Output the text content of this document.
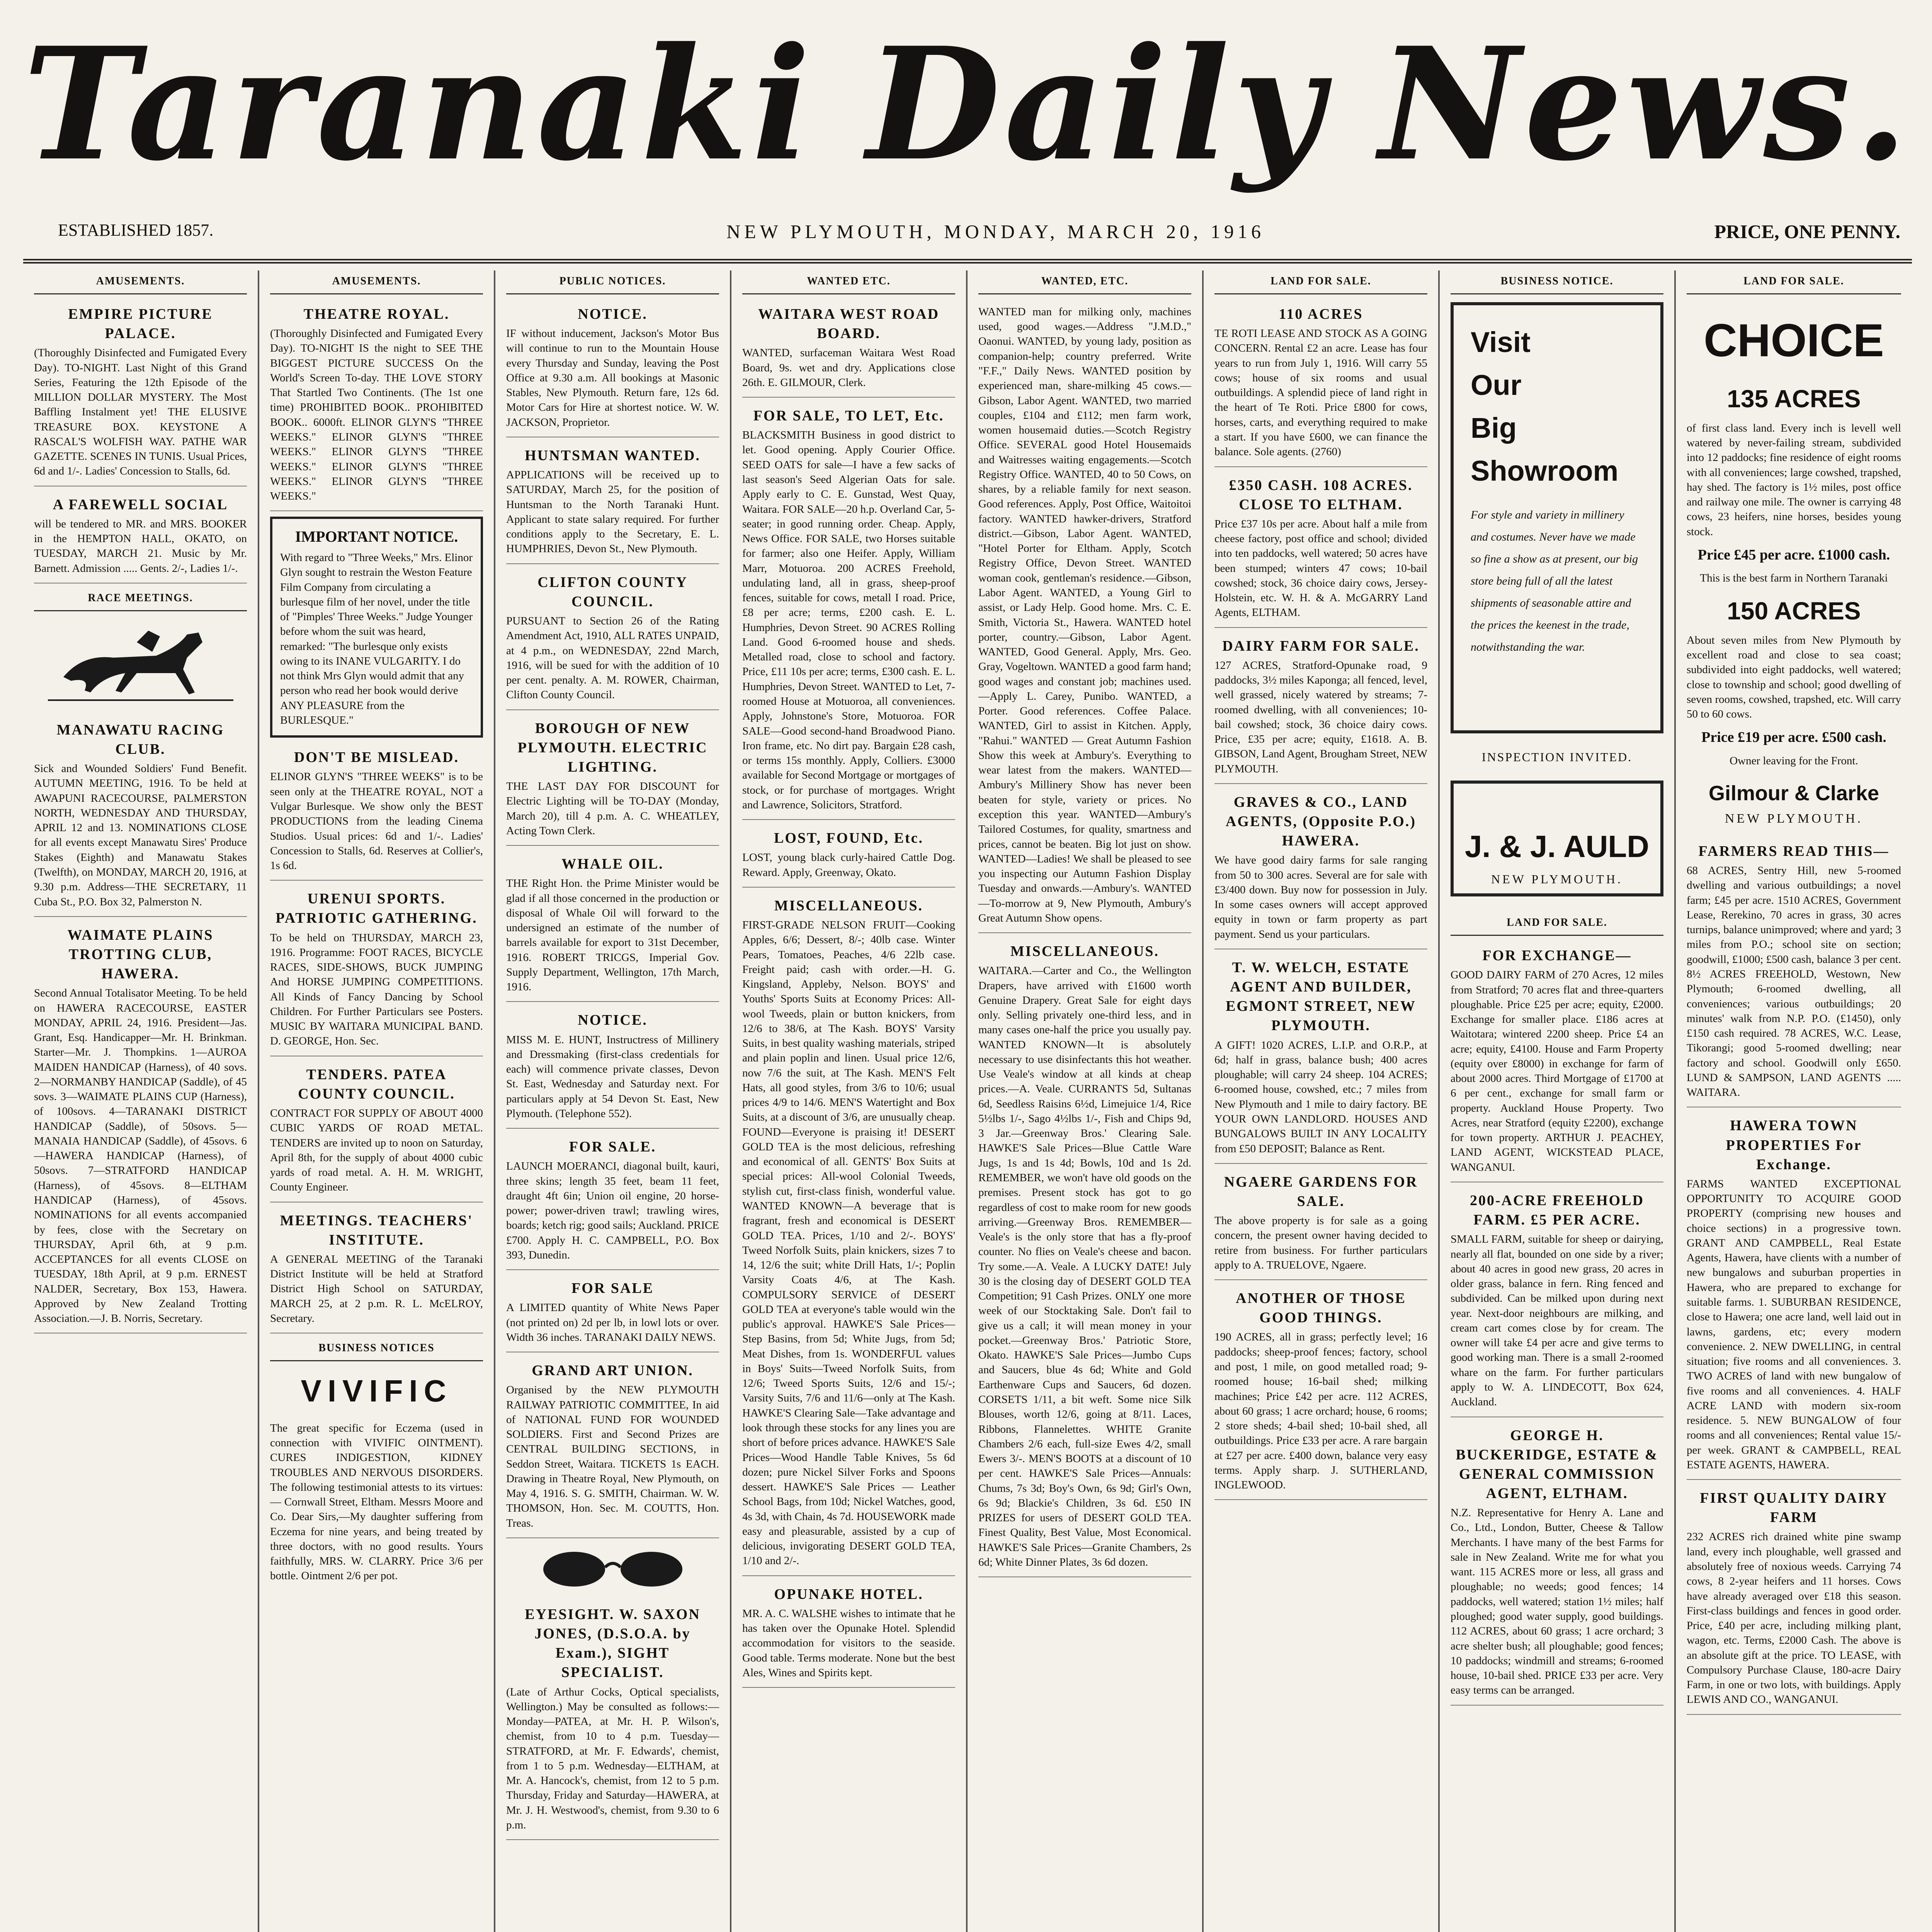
Taranaki Daily News.
ESTABLISHED 1857.	NEW PLYMOUTH, MONDAY, MARCH 20, 1916	PRICE, ONE PENNY.
AMUSEMENTS.
EMPIRE PICTURE PALACE.

(Thoroughly Disinfected and Fumigated Every Day). TO-NIGHT. Last Night of this Grand Series, Featuring the 12th Episode of the MILLION DOLLAR MYSTERY. The Most Baffling Instalment yet! THE ELUSIVE TREASURE BOX. KEYSTONE A RASCAL'S WOLFISH WAY. PATHE WAR GAZETTE. SCENES IN TUNIS. Usual Prices, 6d and 1/-. Ladies' Concession to Stalls, 6d.

A FAREWELL SOCIAL

will be tendered to MR. and MRS. BOOKER in the HEMPTON HALL, OKATO, on TUESDAY, MARCH 21. Music by Mr. Barnett. Admission ..... Gents. 2/-, Ladies 1/-.

RACE MEETINGS.
MANAWATU RACING CLUB.

Sick and Wounded Soldiers' Fund Benefit. AUTUMN MEETING, 1916. To be held at AWAPUNI RACECOURSE, PALMERSTON NORTH, WEDNESDAY AND THURSDAY, APRIL 12 and 13. NOMINATIONS CLOSE for all events except Manawatu Sires' Produce Stakes (Eighth) and Manawatu Stakes (Twelfth), on MONDAY, MARCH 20, 1916, at 9.30 p.m. Address—THE SECRETARY, 11 Cuba St., P.O. Box 32, Palmerston N.

WAIMATE PLAINS TROTTING CLUB, HAWERA.

Second Annual Totalisator Meeting. To be held on HAWERA RACECOURSE, EASTER MONDAY, APRIL 24, 1916. President—Jas. Grant, Esq. Handicapper—Mr. H. Brinkman. Starter—Mr. J. Thompkins. 1—AUROA MAIDEN HANDICAP (Harness), of 40 sovs. 2—NORMANBY HANDICAP (Saddle), of 45 sovs. 3—WAIMATE PLAINS CUP (Harness), of 100sovs. 4—TARANAKI DISTRICT HANDICAP (Saddle), of 50sovs. 5—MANAIA HANDICAP (Saddle), of 45sovs. 6—HAWERA HANDICAP (Harness), of 50sovs. 7—STRATFORD HANDICAP (Harness), of 45sovs. 8—ELTHAM HANDICAP (Harness), of 45sovs. NOMINATIONS for all events accompanied by fees, close with the Secretary on THURSDAY, April 6th, at 9 p.m. ACCEPTANCES for all events CLOSE on TUESDAY, 18th April, at 9 p.m. ERNEST NALDER, Secretary, Box 153, Hawera. Approved by New Zealand Trotting Association.—J. B. Norris, Secretary.

AMUSEMENTS.
THEATRE ROYAL.

(Thoroughly Disinfected and Fumigated Every Day). TO-NIGHT IS the night to SEE THE BIGGEST PICTURE SUCCESS On the World's Screen To-day. THE LOVE STORY That Startled Two Continents. (The 1st one time) PROHIBITED BOOK.. PROHIBITED BOOK.. 6000ft. ELINOR GLYN'S "THREE WEEKS." ELINOR GLYN'S "THREE WEEKS." ELINOR GLYN'S "THREE WEEKS." ELINOR GLYN'S "THREE WEEKS." ELINOR GLYN'S "THREE WEEKS."

IMPORTANT NOTICE.

With regard to "Three Weeks," Mrs. Elinor Glyn sought to restrain the Weston Feature Film Company from circulating a burlesque film of her novel, under the title of "Pimples' Three Weeks." Judge Younger before whom the suit was heard, remarked: "The burlesque only exists owing to its INANE VULGARITY. I do not think Mrs Glyn would admit that any person who read her book would derive ANY PLEASURE from the BURLESQUE."

DON'T BE MISLEAD.

ELINOR GLYN'S "THREE WEEKS" is to be seen only at the THEATRE ROYAL, NOT a Vulgar Burlesque. We show only the BEST PRODUCTIONS from the leading Cinema Studios. Usual prices: 6d and 1/-. Ladies' Concession to Stalls, 6d. Reserves at Collier's, 1s 6d.

URENUI SPORTS. PATRIOTIC GATHERING.

To be held on THURSDAY, MARCH 23, 1916. Programme: FOOT RACES, BICYCLE RACES, SIDE-SHOWS, BUCK JUMPING And HORSE JUMPING COMPETITIONS. All Kinds of Fancy Dancing by School Children. For Further Particulars see Posters. MUSIC BY WAITARA MUNICIPAL BAND. D. GEORGE, Hon. Sec.

TENDERS. PATEA COUNTY COUNCIL.

CONTRACT FOR SUPPLY OF ABOUT 4000 CUBIC YARDS OF ROAD METAL. TENDERS are invited up to noon on Saturday, April 8th, for the supply of about 4000 cubic yards of road metal. A. H. M. WRIGHT, County Engineer.

MEETINGS. TEACHERS' INSTITUTE.

A GENERAL MEETING of the Taranaki District Institute will be held at Stratford District High School on SATURDAY, MARCH 25, at 2 p.m. R. L. McELROY, Secretary.

BUSINESS NOTICES
VIVIFIC

The great specific for Eczema (used in connection with VIVIFIC OINTMENT). CURES INDIGESTION, KIDNEY TROUBLES AND NERVOUS DISORDERS. The following testimonial attests to its virtues:— Cornwall Street, Eltham. Messrs Moore and Co. Dear Sirs,—My daughter suffering from Eczema for nine years, and being treated by three doctors, with no good results. Yours faithfully, MRS. W. CLARRY. Price 3/6 per bottle. Ointment 2/6 per pot.

PUBLIC NOTICES.
NOTICE.

IF without inducement, Jackson's Motor Bus will continue to run to the Mountain House every Thursday and Sunday, leaving the Post Office at 9.30 a.m. All bookings at Masonic Stables, New Plymouth. Return fare, 12s 6d. Motor Cars for Hire at shortest notice. W. W. JACKSON, Proprietor.

HUNTSMAN WANTED.

APPLICATIONS will be received up to SATURDAY, March 25, for the position of Huntsman to the North Taranaki Hunt. Applicant to state salary required. For further conditions apply to the Secretary, E. L. HUMPHRIES, Devon St., New Plymouth.

CLIFTON COUNTY COUNCIL.

PURSUANT to Section 26 of the Rating Amendment Act, 1910, ALL RATES UNPAID, at 4 p.m., on WEDNESDAY, 22nd March, 1916, will be sued for with the addition of 10 per cent. penalty. A. M. ROWER, Chairman, Clifton County Council.

BOROUGH OF NEW PLYMOUTH. ELECTRIC LIGHTING.

THE LAST DAY FOR DISCOUNT for Electric Lighting will be TO-DAY (Monday, March 20), till 4 p.m. A. C. WHEATLEY, Acting Town Clerk.

WHALE OIL.

THE Right Hon. the Prime Minister would be glad if all those concerned in the production or disposal of Whale Oil will forward to the undersigned an estimate of the number of barrels available for export to 31st December, 1916. ROBERT TRICGS, Imperial Gov. Supply Department, Wellington, 17th March, 1916.

NOTICE.

MISS M. E. HUNT, Instructress of Millinery and Dressmaking (first-class credentials for each) will commence private classes, Devon St. East, Wednesday and Saturday next. For particulars apply at 54 Devon St. East, New Plymouth. (Telephone 552).

FOR SALE.

LAUNCH MOERANCI, diagonal built, kauri, three skins; length 35 feet, beam 11 feet, draught 4ft 6in; Union oil engine, 20 horse-power; power-driven trawl; trawling wires, boards; ketch rig; good sails; Auckland. PRICE £700. Apply H. C. CAMPBELL, P.O. Box 393, Dunedin.

FOR SALE

A LIMITED quantity of White News Paper (not printed on) 2d per lb, in lowl lots or over. Width 36 inches. TARANAKI DAILY NEWS.

GRAND ART UNION.

Organised by the NEW PLYMOUTH RAILWAY PATRIOTIC COMMITTEE, In aid of NATIONAL FUND FOR WOUNDED SOLDIERS. First and Second Prizes are CENTRAL BUILDING SECTIONS, in Seddon Street, Waitara. TICKETS 1s EACH. Drawing in Theatre Royal, New Plymouth, on May 4, 1916. S. G. SMITH, Chairman. W. W. THOMSON, Hon. Sec. M. COUTTS, Hon. Treas.

EYESIGHT. W. SAXON JONES, (D.S.O.A. by Exam.), SIGHT SPECIALIST.

(Late of Arthur Cocks, Optical specialists, Wellington.) May be consulted as follows:—Monday—PATEA, at Mr. H. P. Wilson's, chemist, from 10 to 4 p.m. Tuesday—STRATFORD, at Mr. F. Edwards', chemist, from 1 to 5 p.m. Wednesday—ELTHAM, at Mr. A. Hancock's, chemist, from 12 to 5 p.m. Thursday, Friday and Saturday—HAWERA, at Mr. J. H. Westwood's, chemist, from 9.30 to 6 p.m.

WANTED ETC.
WAITARA WEST ROAD BOARD.

WANTED, surfaceman Waitara West Road Board, 9s. wet and dry. Applications close 26th. E. GILMOUR, Clerk.

FOR SALE, TO LET, Etc.

BLACKSMITH Business in good district to let. Good opening. Apply Courier Office. SEED OATS for sale—I have a few sacks of last season's Seed Algerian Oats for sale. Apply early to C. E. Gunstad, West Quay, Waitara. FOR SALE—20 h.p. Overland Car, 5-seater; in good running order. Cheap. Apply, News Office. FOR SALE, two Horses suitable for farmer; also one Heifer. Apply, William Marr, Motuoroa. 200 ACRES Freehold, undulating land, all in grass, sheep-proof fences, suitable for cows, metall I road. Price, £8 per acre; terms, £200 cash. E. L. Humphries, Devon Street. 90 ACRES Rolling Land. Good 6-roomed house and sheds. Metalled road, close to school and factory. Price, £11 10s per acre; terms, £300 cash. E. L. Humphries, Devon Street. WANTED to Let, 7-roomed House at Motuoroa, all conveniences. Apply, Johnstone's Store, Motuoroa. FOR SALE—Good second-hand Broadwood Piano. Iron frame, etc. No dirt pay. Bargain £28 cash, or terms 15s monthly. Apply, Colliers. £3000 available for Second Mortgage or mortgages of stock, or for purchase of mortgages. Wright and Lawrence, Solicitors, Stratford.

LOST, FOUND, Etc.

LOST, young black curly-haired Cattle Dog. Reward. Apply, Greenway, Okato.

MISCELLANEOUS.

FIRST-GRADE NELSON FRUIT—Cooking Apples, 6/6; Dessert, 8/-; 40lb case. Winter Pears, Tomatoes, Peaches, 4/6 22lb case. Freight paid; cash with order.—H. G. Kingsland, Appleby, Nelson. BOYS' and Youths' Sports Suits at Economy Prices: All-wool Tweeds, plain or button knickers, from 12/6 to 38/6, at The Kash. BOYS' Varsity Suits, in best quality washing materials, striped and plain poplin and linen. Usual price 12/6, now 7/6 the suit, at The Kash. MEN'S Felt Hats, all good styles, from 3/6 to 10/6; usual prices 4/9 to 14/6. MEN'S Watertight and Box Suits, at a discount of 3/6, are unusually cheap. FOUND—Everyone is praising it! DESERT GOLD TEA is the most delicious, refreshing and economical of all. GENTS' Box Suits at special prices: All-wool Colonial Tweeds, stylish cut, first-class finish, wonderful value. WANTED KNOWN—A beverage that is fragrant, fresh and economical is DESERT GOLD TEA. Prices, 1/10 and 2/-. BOYS' Tweed Norfolk Suits, plain knickers, sizes 7 to 14, 12/6 the suit; white Drill Hats, 1/-; Poplin Varsity Coats 4/6, at The Kash. COMPULSORY SERVICE of DESERT GOLD TEA at everyone's table would win the public's approval. HAWKE'S Sale Prices—Step Basins, from 5d; White Jugs, from 5d; Meat Dishes, from 1s. WONDERFUL values in Boys' Suits—Tweed Norfolk Suits, from 12/6; Tweed Sports Suits, 12/6 and 15/-; Varsity Suits, 7/6 and 11/6—only at The Kash. HAWKE'S Clearing Sale—Take advantage and look through these stocks for any lines you are short of before prices advance. HAWKE'S Sale Prices—Wood Handle Table Knives, 5s 6d dozen; pure Nickel Silver Forks and Spoons dessert. HAWKE'S Sale Prices — Leather School Bags, from 10d; Nickel Watches, good, 4s 3d, with Chain, 4s 7d. HOUSEWORK made easy and pleasurable, assisted by a cup of delicious, invigorating DESERT GOLD TEA, 1/10 and 2/-.

OPUNAKE HOTEL.

MR. A. C. WALSHE wishes to intimate that he has taken over the Opunake Hotel. Splendid accommodation for visitors to the seaside. Good table. Terms moderate. None but the best Ales, Wines and Spirits kept.

WANTED, ETC.

WANTED man for milking only, machines used, good wages.—Address "J.M.D.," Oaonui. WANTED, by young lady, position as companion-help; country preferred. Write "F.F.," Daily News. WANTED position by experienced man, share-milking 45 cows.—Gibson, Labor Agent. WANTED, two married couples, £104 and £112; men farm work, women housemaid duties.—Scotch Registry Office. SEVERAL good Hotel Housemaids and Waitresses waiting engagements.—Scotch Registry Office. WANTED, 40 to 50 Cows, on shares, by a reliable family for next season. Good references. Apply, Post Office, Waitoitoi factory. WANTED hawker-drivers, Stratford district.—Gibson, Labor Agent. WANTED, "Hotel Porter for Eltham. Apply, Scotch Registry Office, Devon Street. WANTED woman cook, gentleman's residence.—Gibson, Labor Agent. WANTED, a Young Girl to assist, or Lady Help. Good home. Mrs. C. E. Smith, Victoria St., Hawera. WANTED hotel porter, country.—Gibson, Labor Agent. WANTED, Good General. Apply, Mrs. Geo. Gray, Vogeltown. WANTED a good farm hand; good wages and constant job; machines used.—Apply L. Carey, Punibo. WANTED, a Porter. Good references. Coffee Palace. WANTED, Girl to assist in Kitchen. Apply, "Rahui." WANTED — Great Autumn Fashion Show this week at Ambury's. Everything to wear latest from the makers. WANTED—Ambury's Millinery Show has never been beaten for style, variety or prices. No exception this year. WANTED—Ambury's Tailored Costumes, for quality, smartness and prices, cannot be beaten. Big lot just on show. WANTED—Ladies! We shall be pleased to see you inspecting our Autumn Fashion Display Tuesday and onwards.—Ambury's. WANTED—To-morrow at 9, New Plymouth, Ambury's Great Autumn Show opens.

MISCELLANEOUS.

WAITARA.—Carter and Co., the Wellington Drapers, have arrived with £1600 worth Genuine Drapery. Great Sale for eight days only. Selling privately one-third less, and in many cases one-half the price you usually pay. WANTED KNOWN—It is absolutely necessary to use disinfectants this hot weather. Use Veale's window at all kinds at cheap prices.—A. Veale. CURRANTS 5d, Sultanas 6d, Seedless Raisins 6½d, Limejuice 1/4, Rice 5½lbs 1/-, Sago 4½lbs 1/-, Fish and Chips 9d, 3 Jar.—Greenway Bros.' Clearing Sale. HAWKE'S Sale Prices—Blue Cattle Ware Jugs, 1s and 1s 4d; Bowls, 10d and 1s 2d. REMEMBER, we won't have old goods on the premises. Present stock has got to go regardless of cost to make room for new goods arriving.—Greenway Bros. REMEMBER—Veale's is the only store that has a fly-proof counter. No flies on Veale's cheese and bacon. Try some.—A. Veale. A LUCKY DATE! July 30 is the closing day of DESERT GOLD TEA Competition; 91 Cash Prizes. ONLY one more week of our Stocktaking Sale. Don't fail to give us a call; it will mean money in your pocket.—Greenway Bros.' Patriotic Store, Okato. HAWKE'S Sale Prices—Jumbo Cups and Saucers, blue 4s 6d; White and Gold Earthenware Cups and Saucers, 6d dozen. CORSETS 1/11, a bit weft. Some nice Silk Blouses, worth 12/6, going at 8/11. Laces, Ribbons, Flannelettes. WHITE Granite Chambers 2/6 each, full-size Ewes 4/2, small Ewers 3/-. MEN'S BOOTS at a discount of 10 per cent. HAWKE'S Sale Prices—Annuals: Chums, 7s 3d; Boy's Own, 6s 9d; Girl's Own, 6s 9d; Blackie's Children, 3s 6d. £50 IN PRIZES for users of DESERT GOLD TEA. Finest Quality, Best Value, Most Economical. HAWKE'S Sale Prices—Granite Chambers, 2s 6d; White Dinner Plates, 3s 6d dozen.

LAND FOR SALE.
110 ACRES

TE ROTI LEASE AND STOCK AS A GOING CONCERN. Rental £2 an acre. Lease has four years to run from July 1, 1916. Will carry 55 cows; house of six rooms and usual outbuildings. A splendid piece of land right in the heart of Te Roti. Price £800 for cows, horses, carts, and everything required to make a start. If you have £600, we can finance the balance. Sole agents. (2760)

£350 CASH. 108 ACRES. CLOSE TO ELTHAM.

Price £37 10s per acre. About half a mile from cheese factory, post office and school; divided into ten paddocks, well watered; 50 acres have been stumped; winters 47 cows; 10-bail cowshed; stock, 36 choice dairy cows, Jersey-Holstein, etc. W. H. & A. McGARRY Land Agents, ELTHAM.

DAIRY FARM FOR SALE.

127 ACRES, Stratford-Opunake road, 9 paddocks, 3½ miles Kaponga; all fenced, level, well grassed, nicely watered by streams; 7-roomed dwelling, with all conveniences; 10-bail cowshed; stock, 36 choice dairy cows. Price, £35 per acre; equity, £1618. A. B. GIBSON, Land Agent, Brougham Street, NEW PLYMOUTH.

GRAVES & CO., LAND AGENTS, (Opposite P.O.) HAWERA.

We have good dairy farms for sale ranging from 50 to 300 acres. Several are for sale with £3/400 down. Buy now for possession in July. In some cases owners will accept approved equity in town or farm property as part payment. Send us your particulars.

T. W. WELCH, ESTATE AGENT AND BUILDER, EGMONT STREET, NEW PLYMOUTH.

A GIFT! 1020 ACRES, L.I.P. and O.R.P., at 6d; half in grass, balance bush; 400 acres ploughable; will carry 24 sheep. 104 ACRES; 6-roomed house, cowshed, etc.; 7 miles from New Plymouth and 1 mile to dairy factory. BE YOUR OWN LANDLORD. HOUSES AND BUNGALOWS BUILT IN ANY LOCALITY from £50 DEPOSIT; Balance as Rent.

NGAERE GARDENS FOR SALE.

The above property is for sale as a going concern, the present owner having decided to retire from business. For further particulars apply to A. TRUELOVE, Ngaere.

ANOTHER OF THOSE GOOD THINGS.

190 ACRES, all in grass; perfectly level; 16 paddocks; sheep-proof fences; factory, school and post, 1 mile, on good metalled road; 9-roomed house; 16-bail shed; milking machines; Price £42 per acre. 112 ACRES, about 60 grass; 1 acre orchard; house, 6 rooms; 2 store sheds; 4-bail shed; 10-bail shed, all outbuildings. Price £33 per acre. A rare bargain at £27 per acre. £400 down, balance very easy terms. Apply sharp. J. SUTHERLAND, INGLEWOOD.

BUSINESS NOTICE.
Visit
Our
Big
Showroom
For style and variety in millinery and costumes. Never have we made so fine a show as at present, our big store being full of all the latest shipments of seasonable attire and the prices the keenest in the trade, notwithstanding the war.
INSPECTION INVITED.
J. & J. AULD
NEW PLYMOUTH.
LAND FOR SALE.
FOR EXCHANGE—

GOOD DAIRY FARM of 270 Acres, 12 miles from Stratford; 70 acres flat and three-quarters ploughable. Price £25 per acre; equity, £2000. Exchange for smaller place. £186 acres at Waitotara; wintered 2200 sheep. Price £4 an acre; equity, £4100. House and Farm Property (equity over £8000) in exchange for farm of about 2000 acres. Third Mortgage of £1700 at 6 per cent., exchange for small farm or property. Auckland House Property. Two Acres, near Stratford (equity £2200), exchange for town property. ARTHUR J. PEACHEY, LAND AGENT, WICKSTEAD PLACE, WANGANUI.

200-ACRE FREEHOLD FARM. £5 PER ACRE.

SMALL FARM, suitable for sheep or dairying, nearly all flat, bounded on one side by a river; about 40 acres in good new grass, 20 acres in older grass, balance in fern. Ring fenced and subdivided. Can be milked upon during next year. Next-door neighbours are milking, and cream cart comes close by for cream. The owner will take £4 per acre and give terms to good working man. There is a small 2-roomed whare on the farm. For further particulars apply to W. A. LINDECOTT, Box 624, Auckland.

GEORGE H. BUCKERIDGE, ESTATE & GENERAL COMMISSION AGENT, ELTHAM.

N.Z. Representative for Henry A. Lane and Co., Ltd., London, Butter, Cheese & Tallow Merchants. I have many of the best Farms for sale in New Zealand. Write me for what you want. 115 ACRES more or less, all grass and ploughable; no weeds; good fences; 14 paddocks, well watered; station 1½ miles; half ploughed; good water supply, good buildings. 112 ACRES, about 60 grass; 1 acre orchard; 3 acre shelter bush; all ploughable; good fences; 10 paddocks; windmill and streams; 6-roomed house, 10-bail shed. PRICE £33 per acre. Very easy terms can be arranged.

LAND FOR SALE.
CHOICE
135 ACRES

of first class land. Every inch is levell well watered by never-failing stream, subdivided into 12 paddocks; fine residence of eight rooms with all conveniences; large cowshed, trapshed, hay shed. The factory is 1½ miles, post office and railway one mile. The owner is carrying 48 cows, 23 heifers, nine horses, besides young stock.

Price £45 per acre. £1000 cash.

This is the best farm in Northern Taranaki

150 ACRES

About seven miles from New Plymouth by excellent road and close to sea coast; subdivided into eight paddocks, well watered; close to township and school; good dwelling of seven rooms, cowshed, trapshed, etc. Will carry 50 to 60 cows.

Price £19 per acre. £500 cash.

Owner leaving for the Front.

Gilmour & Clarke
NEW PLYMOUTH.
FARMERS READ THIS—

68 ACRES, Sentry Hill, new 5-roomed dwelling and various outbuildings; a novel farm; £45 per acre. 1510 ACRES, Government Lease, Rerekino, 70 acres in grass, 30 acres turnips, balance unimproved; where and yard; 3 miles from P.O.; school site on section; goodwill, £1000; £500 cash, balance 3 per cent. 8½ ACRES FREEHOLD, Westown, New Plymouth; 6-roomed dwelling, all conveniences; various outbuildings; 20 minutes' walk from N.P. P.O. (£1450), only £150 cash required. 78 ACRES, W.C. Lease, Tikorangi; good 5-roomed dwelling; near factory and school. Goodwill only £650. LUND & SAMPSON, LAND AGENTS ..... WAITARA.

HAWERA TOWN PROPERTIES For Exchange.

FARMS WANTED EXCEPTIONAL OPPORTUNITY TO ACQUIRE GOOD PROPERTY (comprising new houses and choice sections) in a progressive town. GRANT AND CAMPBELL, Real Estate Agents, Hawera, have clients with a number of new bungalows and suburban properties in Hawera, who are prepared to exchange for suitable farms. 1. SUBURBAN RESIDENCE, close to Hawera; one acre land, well laid out in lawns, gardens, etc; every modern convenience. 2. NEW DWELLING, in central situation; five rooms and all conveniences. 3. TWO ACRES of land with new bungalow of five rooms and all conveniences. 4. HALF ACRE LAND with modern six-room residence. 5. NEW BUNGALOW of four rooms and all conveniences; Rental value 15/- per week. GRANT & CAMPBELL, REAL ESTATE AGENTS, HAWERA.

FIRST QUALITY DAIRY FARM

232 ACRES rich drained white pine swamp land, every inch ploughable, well grassed and absolutely free of noxious weeds. Carrying 74 cows, 8 2-year heifers and 11 horses. Cows have already averaged over £18 this season. First-class buildings and fences in good order. Price, £40 per acre, including milking plant, wagon, etc. Terms, £2000 Cash. The above is an absolute gift at the price. TO LEASE, with Compulsory Purchase Clause, 180-acre Dairy Farm, in one or two lots, with buildings. Apply LEWIS AND CO., WANGANUI.
